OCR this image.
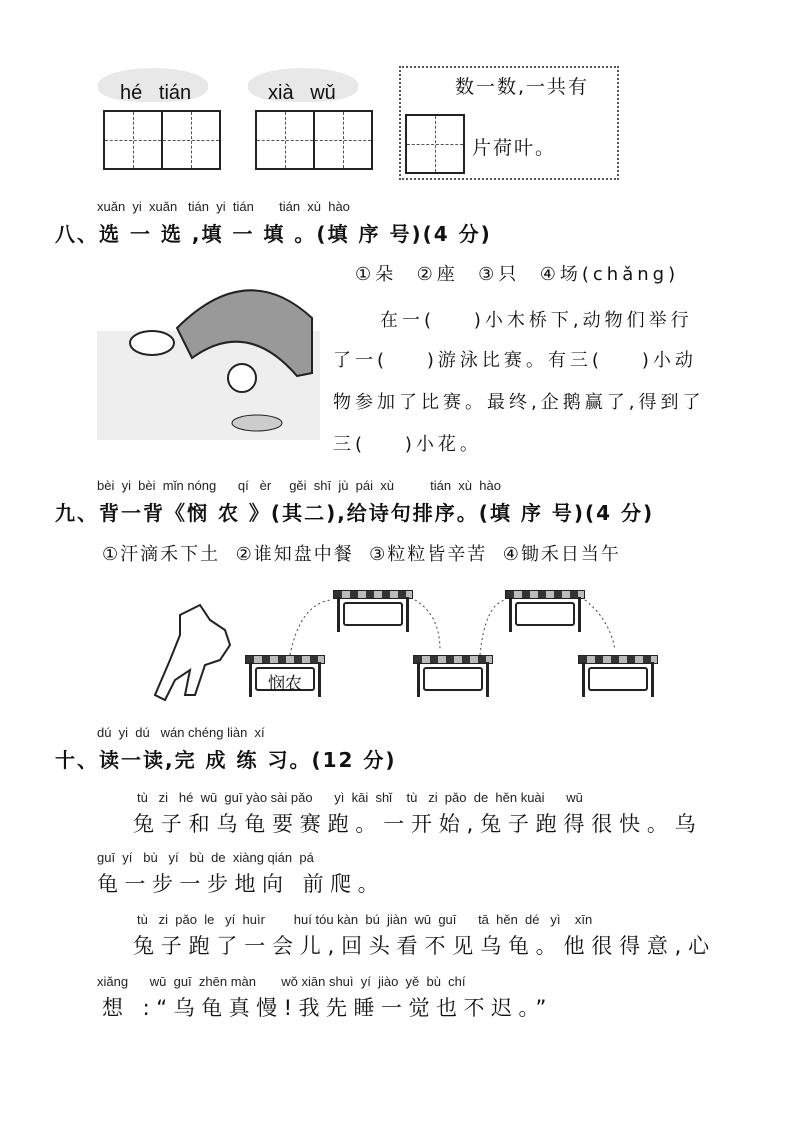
hé   tián	xià   wǔ	数一数,一共有
片荷叶。
xuǎn  yi  xuǎn   tián  yi  tián       tián  xù  hào
八、选 一 选 ,填 一 填 。(填 序 号)(4 分)
①朵  ②座  ③只  ④场(chǎng)
在一(    )小木桥下,动物们举行
了一(    )游泳比赛。有三(    )小动
物参加了比赛。最终,企鹅赢了,得到了
三(    )小花。
bèi  yi  bèi  mǐn nóng      qí   èr     gěi  shī  jù  pái  xù          tián  xù  hào
九、背一背《悯 农 》(其二),给诗句排序。(填 序 号)(4 分)
①汗滴禾下土  ②谁知盘中餐  ③粒粒皆辛苦  ④锄禾日当午
悯农
dú  yi  dú   wán chéng liàn  xí
十、读一读,完 成 练 习。(12 分)
tù   zi   hé  wū  guī yào sài pǎo      yì  kāi  shǐ    tù   zi  pǎo  de  hěn kuài      wū
兔子和乌龟要赛跑。一开始,兔子跑得很快。乌
guī  yí   bù   yí   bù  de  xiàng qián  pá
龟一步一步地向 前爬。
tù   zi  pǎo  le   yí  huìr        huí tóu kàn  bú  jiàn  wū  guī      tā  hěn  dé   yì    xīn
兔子跑了一会儿,回头看不见乌龟。他很得意,心
xiǎng      wū  guī  zhēn màn       wǒ xiān shuì  yí  jiào  yě  bù  chí
想 :“乌龟真慢!我先睡一觉也不迟。”
